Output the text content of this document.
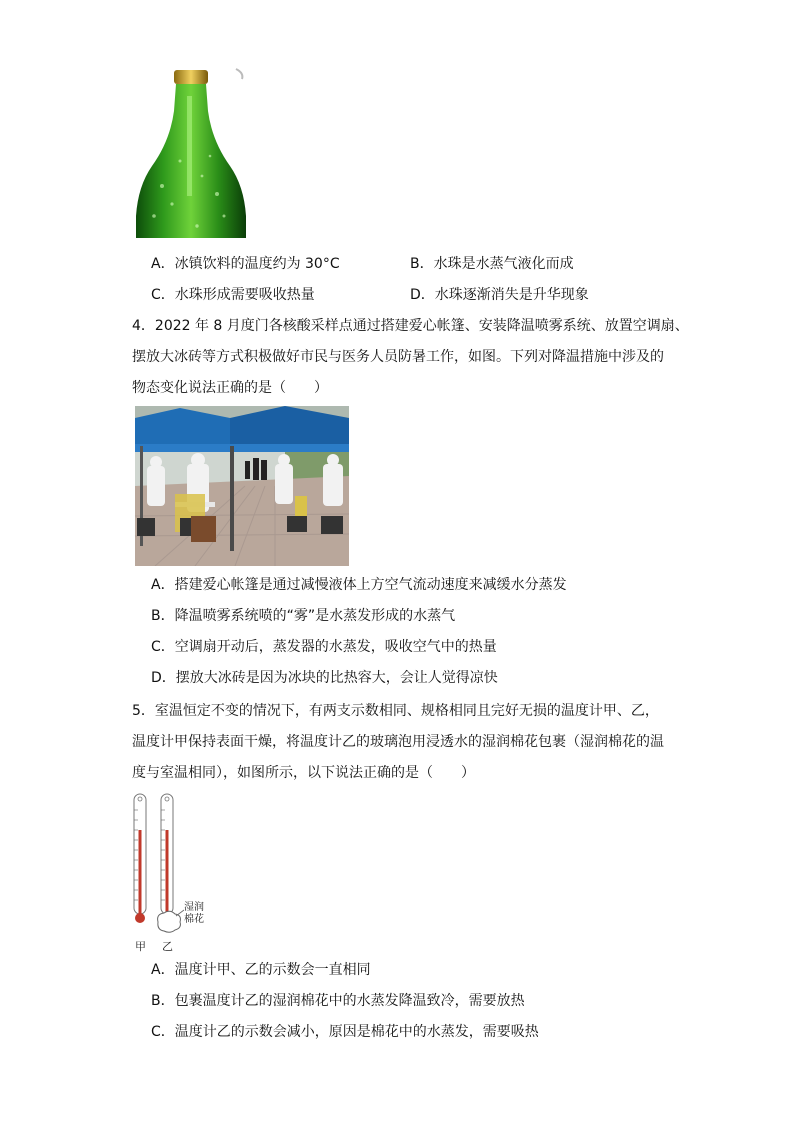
A．冰镇饮料的温度约为 30°C	B．水珠是水蒸气液化而成
C．水珠形成需要吸收热量	D．水珠逐渐消失是升华现象
4．2022 年 8 月度门各核酸采样点通过搭建爱心帐篷、安装降温喷雾系统、放置空调扇、
摆放大冰砖等方式积极做好市民与医务人员防暑工作，如图。下列对降温措施中涉及的
物态变化说法正确的是（　　）
A．搭建爱心帐篷是通过减慢液体上方空气流动速度来减缓水分蒸发
B．降温喷雾系统喷的“雾”是水蒸发形成的水蒸气
C．空调扇开动后，蒸发器的水蒸发，吸收空气中的热量
D．摆放大冰砖是因为冰块的比热容大，会让人觉得凉快
5．室温恒定不变的情况下，有两支示数相同、规格相同且完好无损的温度计甲、乙，
温度计甲保持表面干燥，将温度计乙的玻璃泡用浸透水的湿润棉花包裹（湿润棉花的温
度与室温相同），如图所示，以下说法正确的是（　　）
湿润
棉花
甲 乙
A．温度计甲、乙的示数会一直相同
B．包裹温度计乙的湿润棉花中的水蒸发降温致冷，需要放热
C．温度计乙的示数会减小，原因是棉花中的水蒸发，需要吸热
